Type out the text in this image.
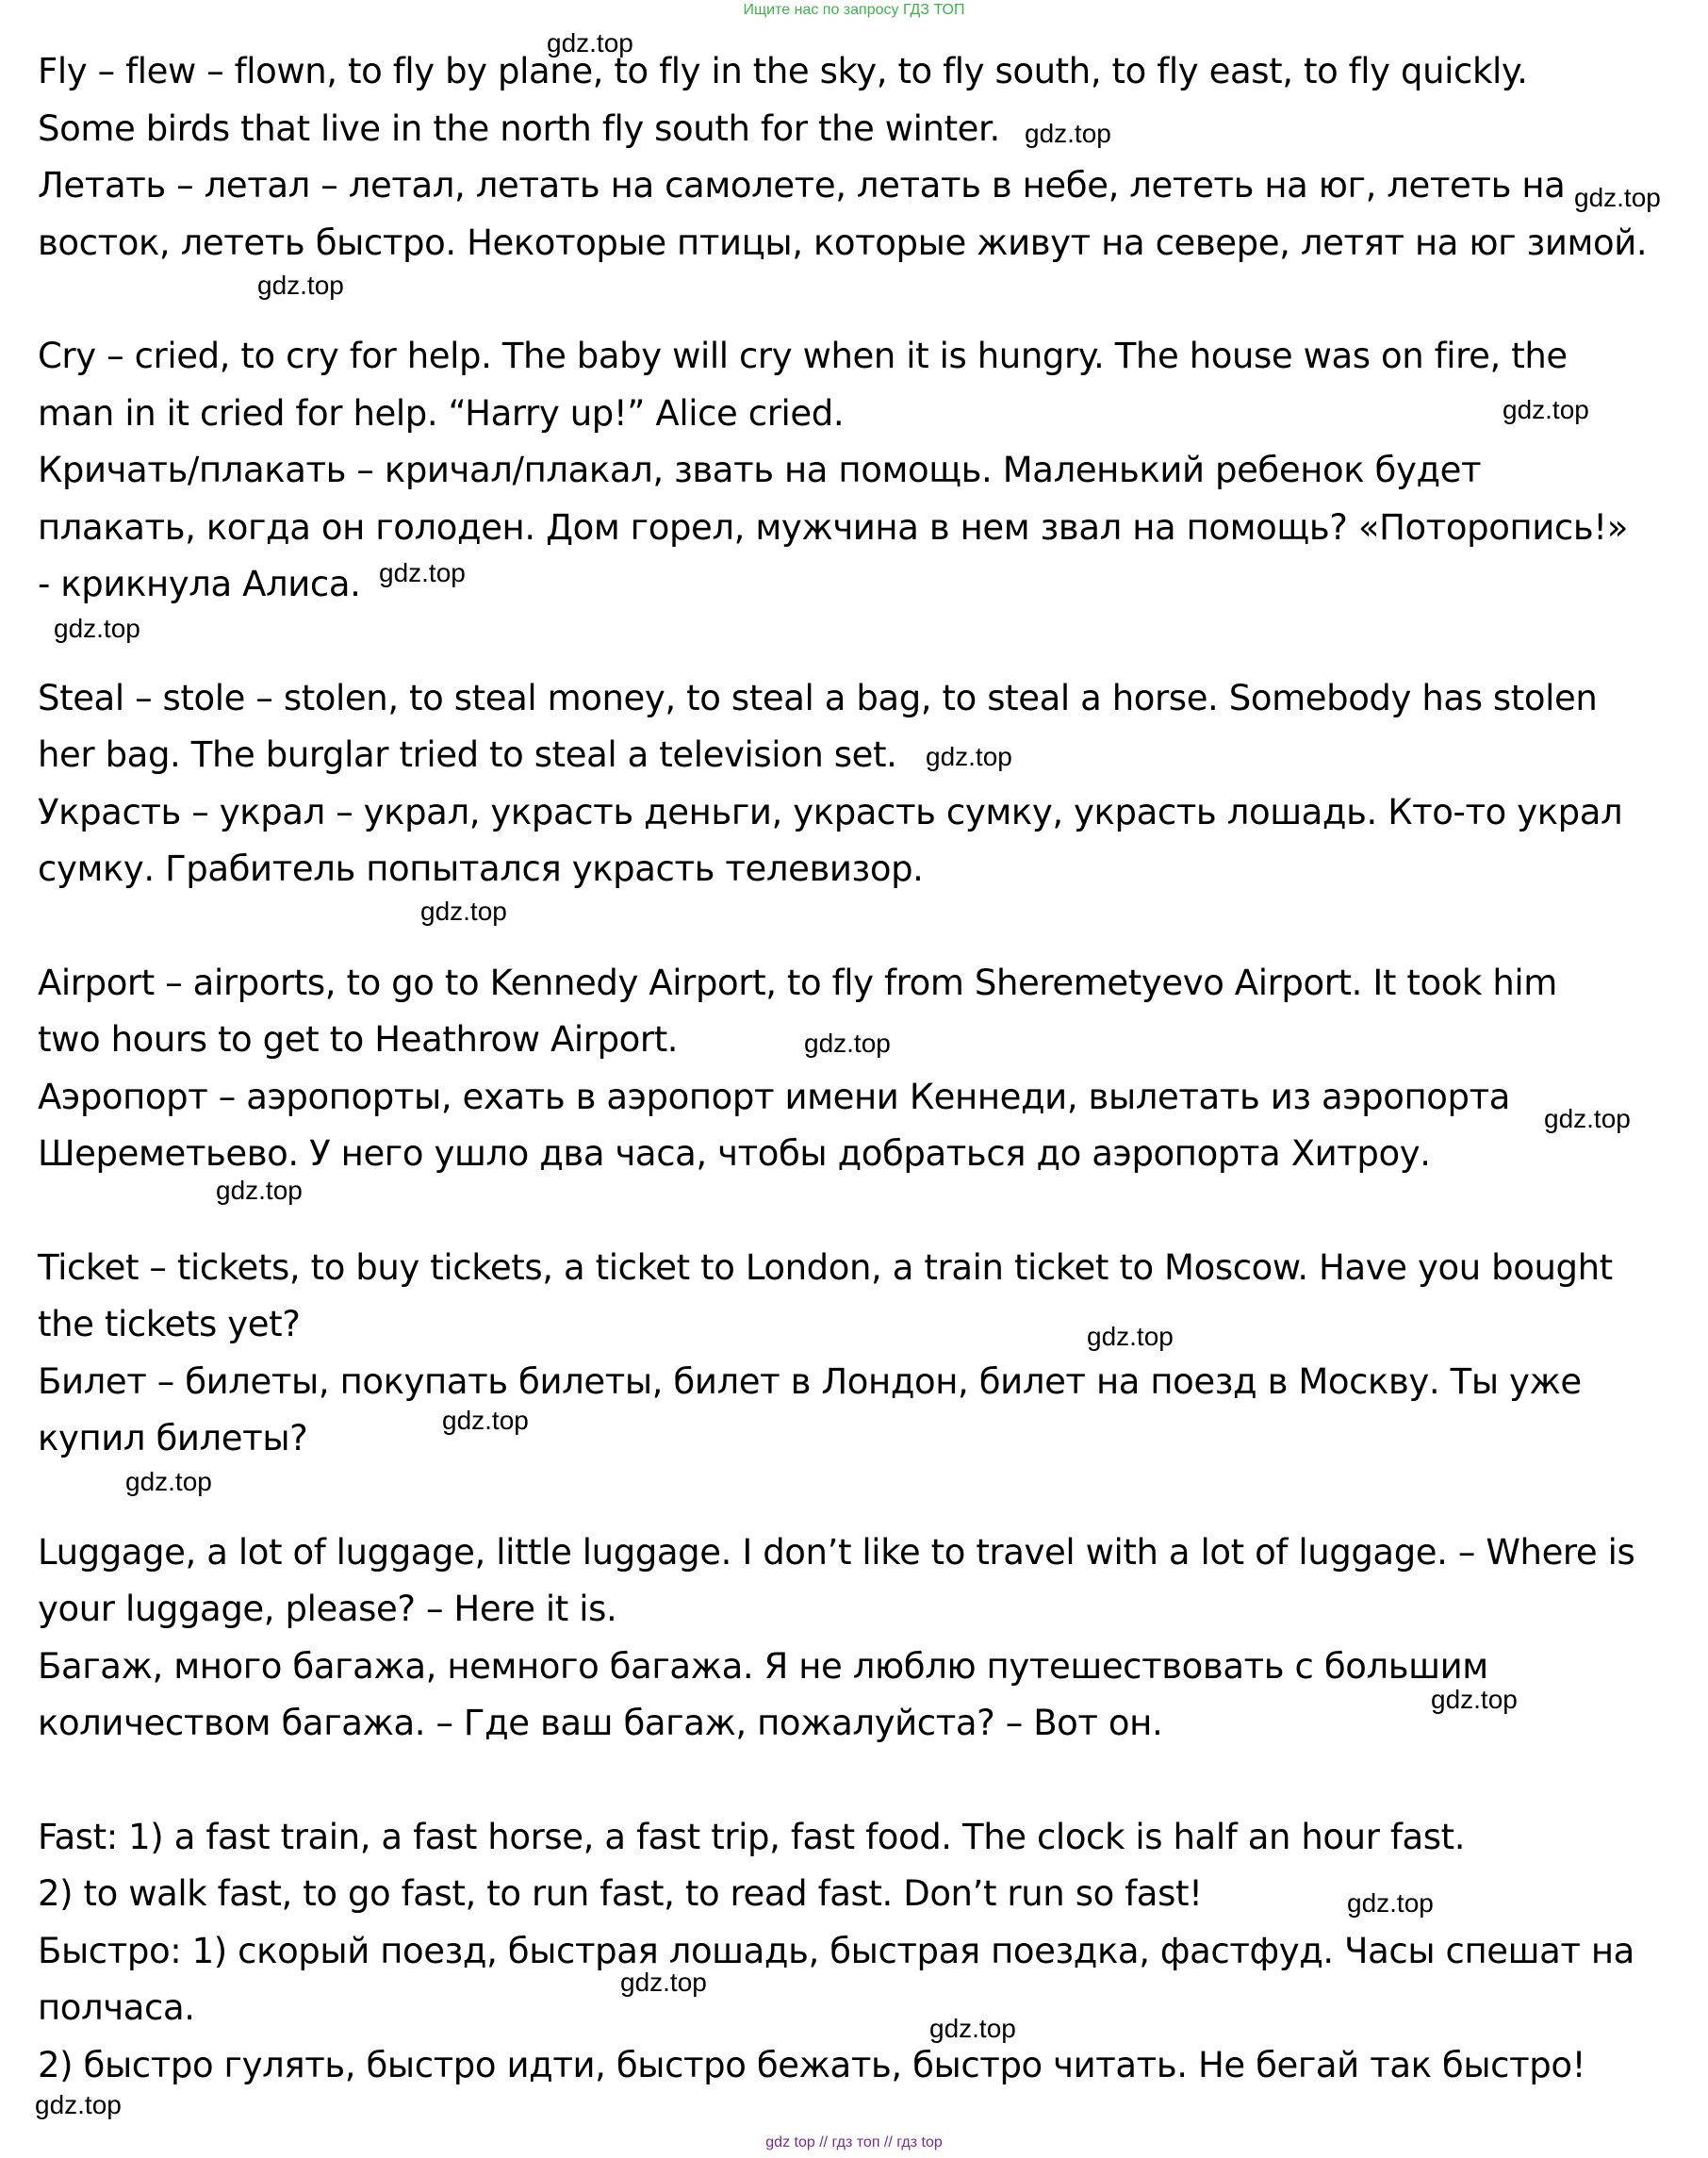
Ищите нас по запросу ГДЗ ТОП
Fly – flew – flown, to fly by plane, to fly in the sky, to fly south, to fly east, to fly quickly.
Some birds that live in the north fly south for the winter.
Летать – летал – летал, летать на самолете, летать в небе, лететь на юг, лететь на
восток, лететь быстро. Некоторые птицы, которые живут на севере, летят на юг зимой.
Cry – cried, to cry for help. The baby will cry when it is hungry. The house was on fire, the
man in it cried for help. “Harry up!” Alice cried.
Кричать/плакать – кричал/плакал, звать на помощь. Маленький ребенок будет
плакать, когда он голоден. Дом горел, мужчина в нем звал на помощь? «Поторопись!»
- крикнула Алиса.
Steal – stole – stolen, to steal money, to steal a bag, to steal a horse. Somebody has stolen
her bag. The burglar tried to steal a television set.
Украсть – украл – украл, украсть деньги, украсть сумку, украсть лошадь. Кто-то украл
сумку. Грабитель попытался украсть телевизор.
Airport – airports, to go to Kennedy Airport, to fly from Sheremetyevo Airport. It took him
two hours to get to Heathrow Airport.
Аэропорт – аэропорты, ехать в аэропорт имени Кеннеди, вылетать из аэропорта
Шереметьево. У него ушло два часа, чтобы добраться до аэропорта Хитроу.
Ticket – tickets, to buy tickets, a ticket to London, a train ticket to Moscow. Have you bought
the tickets yet?
Билет – билеты, покупать билеты, билет в Лондон, билет на поезд в Москву. Ты уже
купил билеты?
Luggage, a lot of luggage, little luggage. I don’t like to travel with a lot of luggage. – Where is
your luggage, please? – Here it is.
Багаж, много багажа, немного багажа. Я не люблю путешествовать с большим
количеством багажа. – Где ваш багаж, пожалуйста? – Вот он.
Fast: 1) a fast train, a fast horse, a fast trip, fast food. The clock is half an hour fast.
2) to walk fast, to go fast, to run fast, to read fast. Don’t run so fast!
Быстро: 1) скорый поезд, быстрая лошадь, быстрая поездка, фастфуд. Часы спешат на
полчаса.
2) быстро гулять, быстро идти, быстро бежать, быстро читать. Не бегай так быстро!
gdz.top
gdz.top
gdz.top
gdz.top
gdz.top
gdz.top
gdz.top
gdz.top
gdz.top
gdz.top
gdz.top
gdz.top
gdz.top
gdz.top
gdz.top
gdz.top
gdz.top
gdz.top
gdz.top
gdz.top
gdz top // гдз топ // гдз top
